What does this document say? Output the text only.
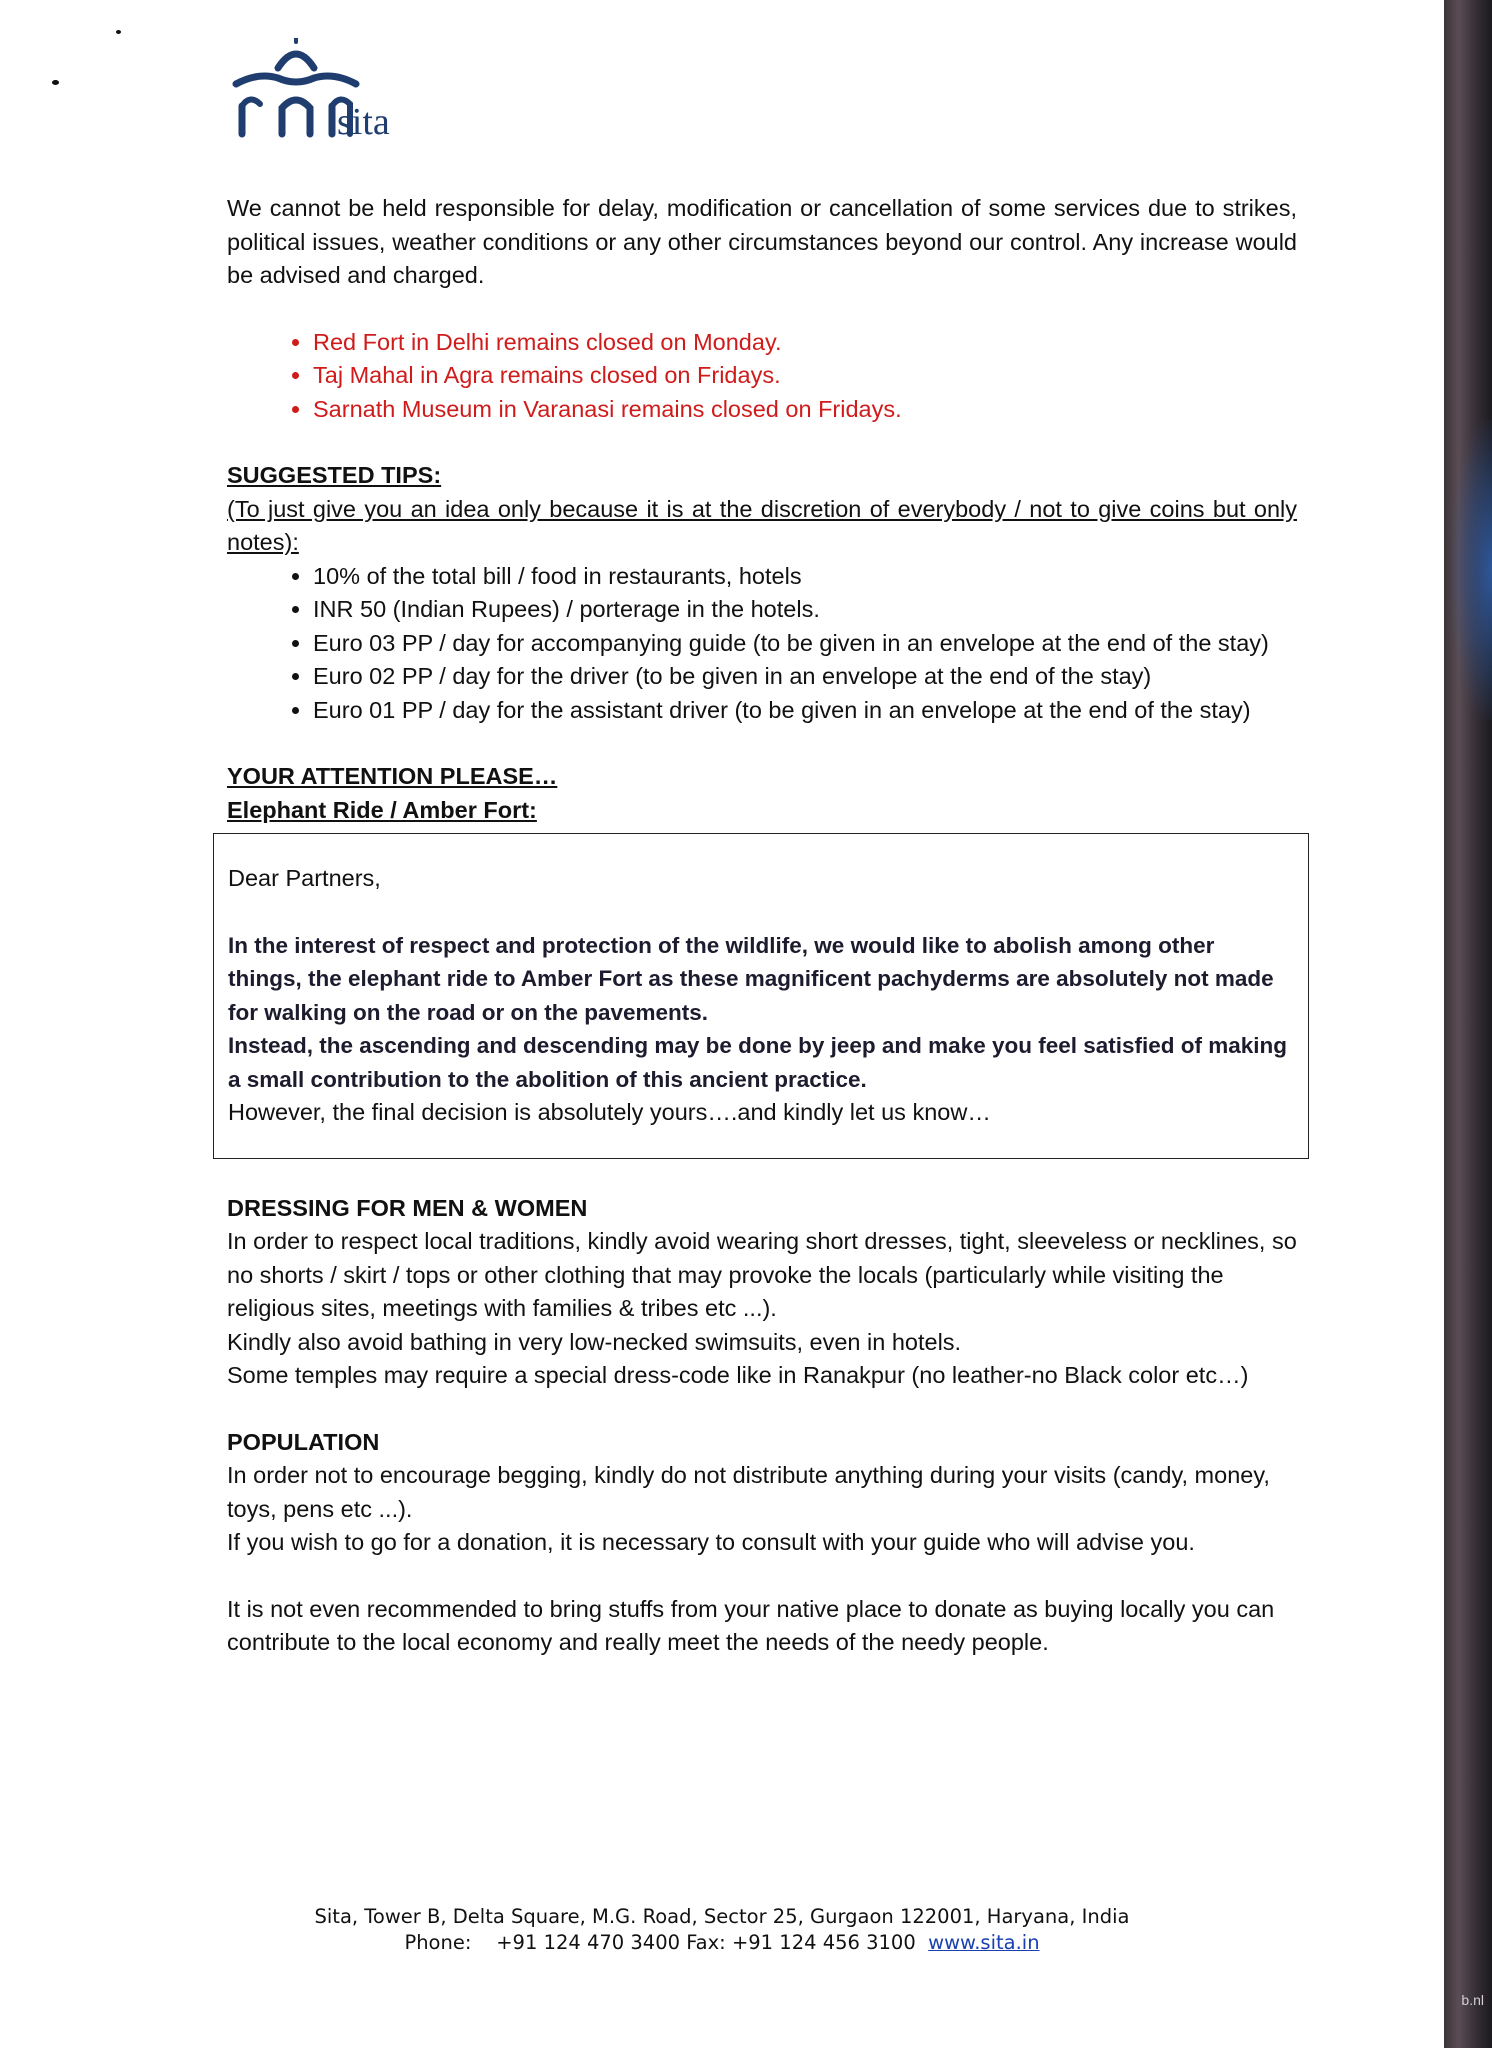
sita

We cannot be held responsible for delay, modification or cancellation of some services due to strikes, political issues, weather conditions or any other circumstances beyond our control. Any increase would be advised and charged.

• Red Fort in Delhi remains closed on Monday.
• Taj Mahal in Agra remains closed on Fridays.
• Sarnath Museum in Varanasi remains closed on Fridays.

SUGGESTED TIPS:

(To just give you an idea only because it is at the discretion of everybody / not to give coins but only notes):

• 10% of the total bill / food in restaurants, hotels
• INR 50 (Indian Rupees) / porterage in the hotels.
• Euro 03 PP / day for accompanying guide (to be given in an envelope at the end of the stay)
• Euro 02 PP / day for the driver (to be given in an envelope at the end of the stay)
• Euro 01 PP / day for the assistant driver (to be given in an envelope at the end of the stay)

YOUR ATTENTION PLEASE…

Elephant Ride / Amber Fort:

Dear Partners,

In the interest of respect and protection of the wildlife, we would like to abolish among other things, the elephant ride to Amber Fort as these magnificent pachyderms are absolutely not made for walking on the road or on the pavements.

Instead, the ascending and descending may be done by jeep and make you feel satisfied of making a small contribution to the abolition of this ancient practice.

However, the final decision is absolutely yours….and kindly let us know…

DRESSING FOR MEN & WOMEN

In order to respect local traditions, kindly avoid wearing short dresses, tight, sleeveless or necklines, so no shorts / skirt / tops or other clothing that may provoke the locals (particularly while visiting the religious sites, meetings with families & tribes etc ...).

Kindly also avoid bathing in very low-necked swimsuits, even in hotels.

Some temples may require a special dress-code like in Ranakpur (no leather-no Black color etc…)

POPULATION

In order not to encourage begging, kindly do not distribute anything during your visits (candy, money, toys, pens etc ...).

If you wish to go for a donation, it is necessary to consult with your guide who will advise you.

It is not even recommended to bring stuffs from your native place to donate as buying locally you can contribute to the local economy and really meet the needs of the needy people.

Sita, Tower B, Delta Square, M.G. Road, Sector 25, Gurgaon 122001, Haryana, India
Phone: +91 124 470 3400 Fax: +91 124 456 3100 www.sita.in
b.nl
